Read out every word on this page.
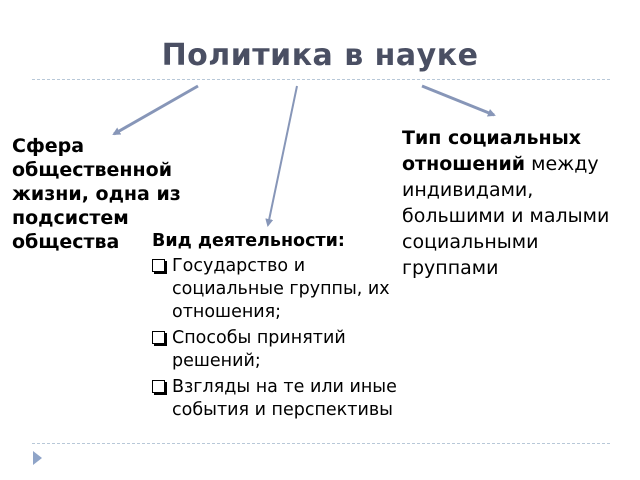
Политика в науке
Сфера общественной жизни, одна из подсистем общества
Тип социальных отношений между индивидами, большими и малыми социальными группами
Вид деятельности:
Государство и социальные группы, их отношения;
Способы принятий решений;
Взгляды на те или иные события и перспективы
